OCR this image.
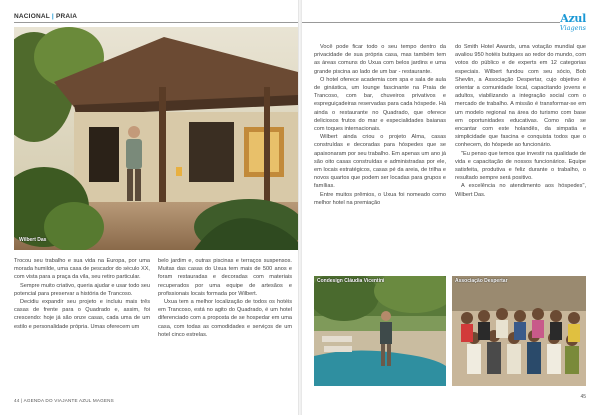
NACIONAL | PRAIA
Wilbert Das

Trocou seu trabalho e sua vida na Europa, por uma morada humilde, uma casa de pescador do século XX, com vista para a praça da vila, seu retiro particular.

Sempre muito criativo, queria ajudar e usar todo seu potencial para preservar a história de Trancoso.

Decidiu expandir seu projeto e incluiu mais três casas de frente para o Quadrado e, assim, foi crescendo: hoje já são onze casas, cada uma de um estilo e personalidade própria. Umas oferecem um

belo jardim e, outras piscinas e terraços suspensos. Muitas das casas do Uxua tem mais de 500 anos e foram restauradas e decoradas com materiais recuperados por uma equipe de artesãos e profissionais locais formada por Wilbert.

Uxua tem a melhor localização de todos os hotéis em Trancoso, está no agito do Quadrado, é um hotel diferenciado com a proposta de se hospedar em uma casa, com todas as comodidades e serviços de um hotel cinco estrelas.

44 | AGENDA DO VIAJANTE AZUL MAGENS
Azul
Viagens

Você pode ficar todo o seu tempo dentro da privacidade de sua própria casa, mas também tem as áreas comuns do Uxua com belos jardins e uma grande piscina ao lado de um bar - restaurante.

O hotel oferece academia com spa e sala de aula de ginástica, um lounge fascinante na Praia de Trancoso, com bar, chuveiros privativos e espreguiçadeiras reservadas para cada hóspede. Há ainda o restaurante no Quadrado, que oferece deliciosos frutos do mar e especialidades baianas com toques internacionais.

Wilbert ainda criou o projeto Alma, casas construídas e decoradas para hóspedes que se apaixonaram por seu trabalho. Em apenas um ano já são oito casas construídas e administradas por ele, em locais estratégicos, casas pé da areia, de trilha e novos quartos que podem ser locadas para grupos e famílias.

Entre muitos prêmios, o Uxua foi nomeado como melhor hotel na premiação

do Smith Hotel Awards, uma votação mundial que avaliou 950 hotéis butiques ao redor do mundo, com votos do público e de experts em 12 categorias especiais. Wilbert fundou com seu sócio, Bob Shevlin, a Associação Despertar, cujo objetivo é orientar a comunidade local, capacitando jovens e adultos, viabilizando a integração social com o mercado de trabalho. A missão é transformar-se em um modelo regional na área do turismo com base em oportunidades educativas. Como não se encantar com este holandês, da simpatia e simplicidade que fascina e conquista todos que o conhecem, do hóspede ao funcionário.

"Eu penso que temos que investir na qualidade de vida e capacitação de nossos funcionários. Equipe satisfeita, produtiva e feliz durante o trabalho, o resultado sempre será positivo.

A excelência no atendimento aos hóspedes", Wilbert Das.

Condesign Cláudia Vicentini	Associação Despertar
45
